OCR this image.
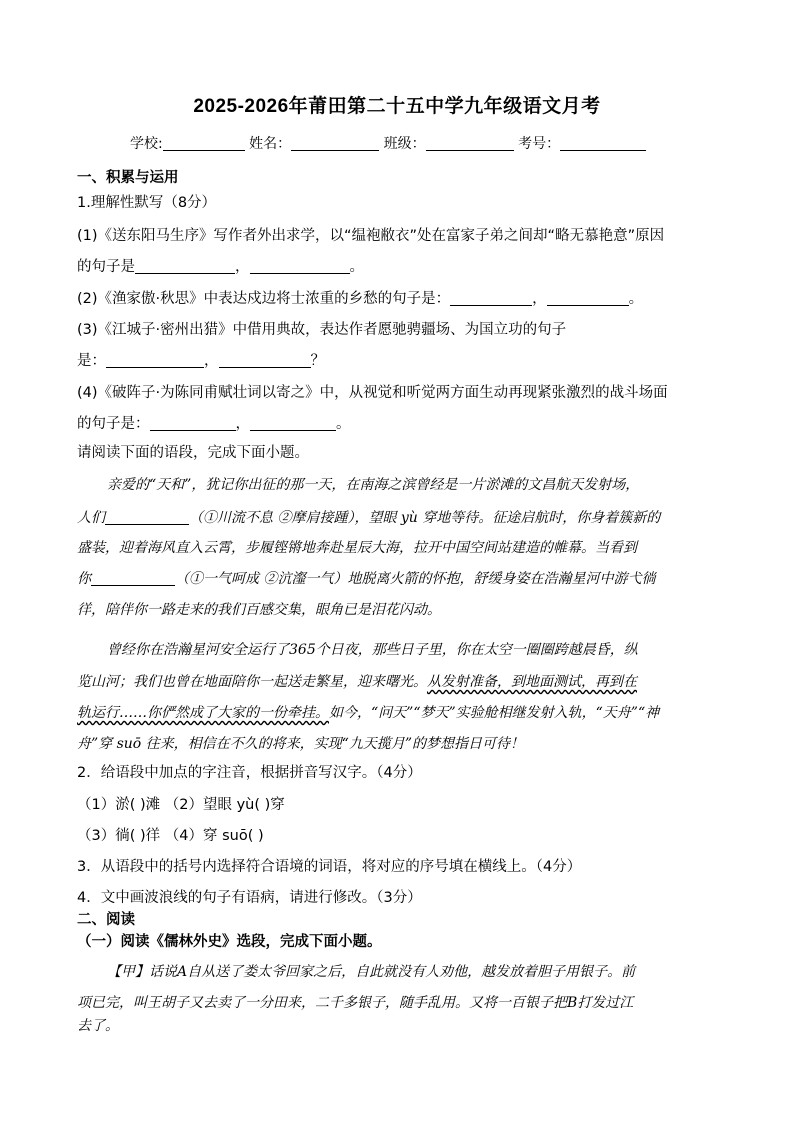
2025-2026年莆田第二十五中学九年级语文月考
学校:	姓名：	班级：	考号：
一、积累与运用
1.理解性默写（8分）
(1)《送东阳马生序》写作者外出求学，以“缊袍敝衣”处在富家子弟之间却“略无慕艳意”原因
的句子是	，	。
(2)《渔家傲·秋思》中表达戍边将士浓重的乡愁的句子是：	，	。
(3)《江城子·密州出猎》中借用典故，表达作者愿驰骋疆场、为国立功的句子
是：	，	？
(4)《破阵子·为陈同甫赋壮词以寄之》中，从视觉和听觉两方面生动再现紧张激烈的战斗场面
的句子是：	，	。
请阅读下面的语段，完成下面小题。
亲爱的“天和”，犹记你出征的那一天，在南海之滨曾经是一片淤滩的文昌航天发射场，
人们	（①川流不息 ②摩肩接踵），望眼 yù 穿地等待。征途启航时，你身着簇新的
盛装，迎着海风直入云霄，步履铿锵地奔赴星辰大海，拉开中国空间站建造的帷幕。当看到
你	（①一气呵成 ②沆瀣一气）地脱离火箭的怀抱，舒缓身姿在浩瀚星河中游弋徜
徉，陪伴你一路走来的我们百感交集，眼角已是泪花闪动。
曾经你在浩瀚星河安全运行了365个日夜，那些日子里，你在太空一圈圈跨越晨昏，纵
览山河；我们也曾在地面陪你一起送走繁星，迎来曙光。从发射准备，到地面测试，再到在
轨运行……你俨然成了大家的一份牵挂。如今，“问天”“梦天”实验舱相继发射入轨，“天舟”“神
舟”穿 suō 往来，相信在不久的将来，实现“九天揽月”的梦想指日可待！
2．给语段中加点的字注音，根据拼音写汉字。（4分）
（1）淤( )滩 （2）望眼 yù( )穿
（3）徜( )徉 （4）穿 suō( )
3．从语段中的括号内选择符合语境的词语，将对应的序号填在横线上。（4分）
4．文中画波浪线的句子有语病，请进行修改。（3分）
二、阅读
（一）阅读《儒林外史》选段，完成下面小题。
【甲】话说A自从送了娄太爷回家之后，自此就没有人劝他，越发放着胆子用银子。前
项已完，叫王胡子又去卖了一分田来，二千多银子，随手乱用。又将一百银子把B打发过江
去了。
